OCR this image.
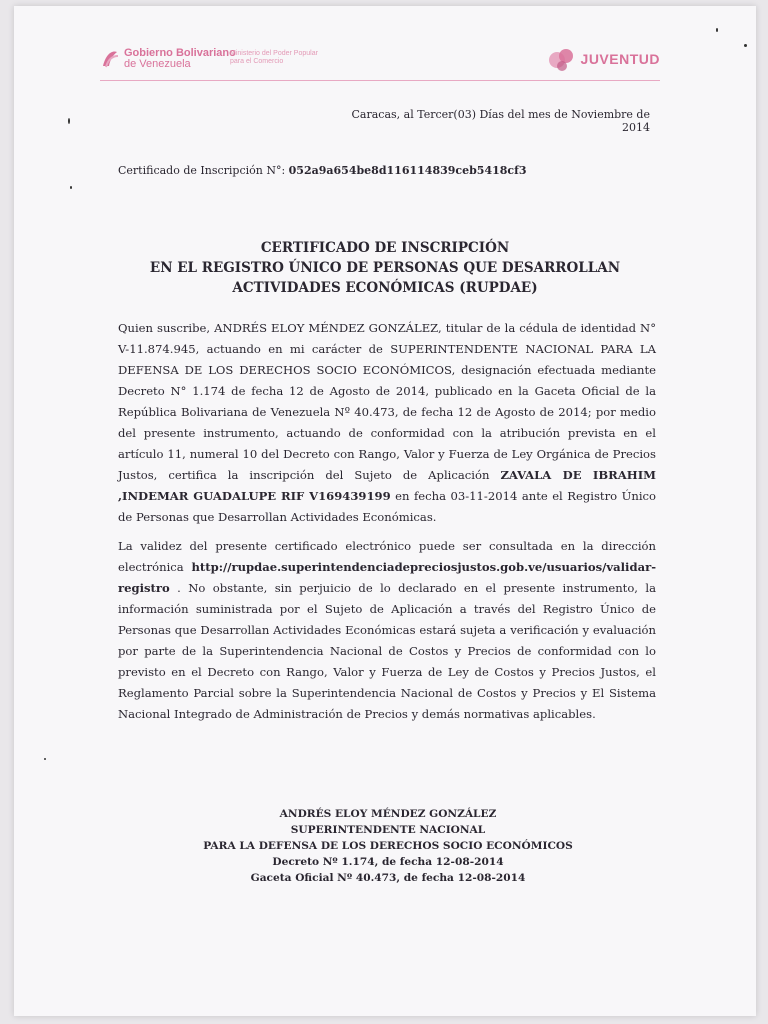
Gobierno Bolivariano
de Venezuela
Ministerio del Poder Popular
para el Comercio	JUVENTUD
Caracas, al Tercer(03) Días del mes de Noviembre de 2014
Certificado de Inscripción N°: 052a9a654be8d116114839ceb5418cf3
CERTIFICADO DE INSCRIPCIÓN
EN EL REGISTRO ÚNICO DE PERSONAS QUE DESARROLLAN
ACTIVIDADES ECONÓMICAS (RUPDAE)
Quien suscribe, ANDRÉS ELOY MÉNDEZ GONZÁLEZ, titular de la cédula de identidad N° V-11.874.945, actuando en mi carácter de SUPERINTENDENTE NACIONAL PARA LA DEFENSA DE LOS DERECHOS SOCIO ECONÓMICOS, designación efectuada mediante Decreto N° 1.174 de fecha 12 de Agosto de 2014, publicado en la Gaceta Oficial de la República Bolivariana de Venezuela Nº 40.473, de fecha 12 de Agosto de 2014; por medio del presente instrumento, actuando de conformidad con la atribución prevista en el artículo 11, numeral 10 del Decreto con Rango, Valor y Fuerza de Ley Orgánica de Precios Justos, certifica la inscripción del Sujeto de Aplicación ZAVALA DE IBRAHIM ,INDEMAR GUADALUPE RIF V169439199 en fecha 03-11-2014 ante el Registro Único de Personas que Desarrollan Actividades Económicas.
La validez del presente certificado electrónico puede ser consultada en la dirección electrónica http://rupdae.superintendenciadepreciosjustos.gob.ve/usuarios/validar-registro . No obstante, sin perjuicio de lo declarado en el presente instrumento, la información suministrada por el Sujeto de Aplicación a través del Registro Único de Personas que Desarrollan Actividades Económicas estará sujeta a verificación y evaluación por parte de la Superintendencia Nacional de Costos y Precios de conformidad con lo previsto en el Decreto con Rango, Valor y Fuerza de Ley de Costos y Precios Justos, el Reglamento Parcial sobre la Superintendencia Nacional de Costos y Precios y El Sistema Nacional Integrado de Administración de Precios y demás normativas aplicables.
ANDRÉS ELOY MÉNDEZ GONZÁLEZ
SUPERINTENDENTE NACIONAL
PARA LA DEFENSA DE LOS DERECHOS SOCIO ECONÓMICOS
Decreto Nº 1.174, de fecha 12-08-2014
Gaceta Oficial Nº 40.473, de fecha 12-08-2014
